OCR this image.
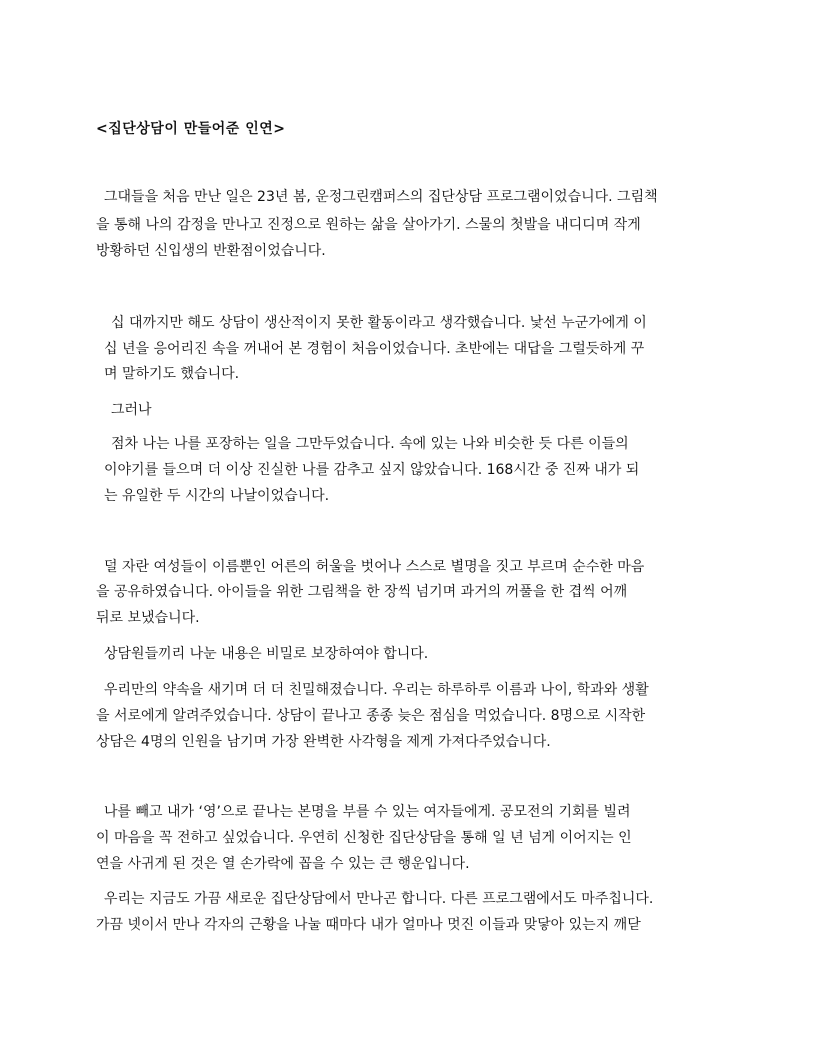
<집단상담이 만들어준 인연>
그대들을 처음 만난 일은 23년 봄, 운정그린캠퍼스의 집단상담 프로그램이었습니다. 그림책
을 통해 나의 감정을 만나고 진정으로 원하는 삶을 살아가기. 스물의 첫발을 내디디며 작게
방황하던 신입생의 반환점이었습니다.
십 대까지만 해도 상담이 생산적이지 못한 활동이라고 생각했습니다. 낯선 누군가에게 이
십 년을 응어리진 속을 꺼내어 본 경험이 처음이었습니다. 초반에는 대답을 그럴듯하게 꾸
며 말하기도 했습니다.
그러나
점차 나는 나를 포장하는 일을 그만두었습니다. 속에 있는 나와 비슷한 듯 다른 이들의
이야기를 들으며 더 이상 진실한 나를 감추고 싶지 않았습니다. 168시간 중 진짜 내가 되
는 유일한 두 시간의 나날이었습니다.
덜 자란 여성들이 이름뿐인 어른의 허울을 벗어나 스스로 별명을 짓고 부르며 순수한 마음
을 공유하였습니다. 아이들을 위한 그림책을 한 장씩 넘기며 과거의 꺼풀을 한 겹씩 어깨
뒤로 보냈습니다.
상담원들끼리 나눈 내용은 비밀로 보장하여야 합니다.
우리만의 약속을 새기며 더 더 친밀해졌습니다. 우리는 하루하루 이름과 나이, 학과와 생활
을 서로에게 알려주었습니다. 상담이 끝나고 종종 늦은 점심을 먹었습니다. 8명으로 시작한
상담은 4명의 인원을 남기며 가장 완벽한 사각형을 제게 가져다주었습니다.
나를 빼고 내가 ‘영’으로 끝나는 본명을 부를 수 있는 여자들에게. 공모전의 기회를 빌려
이 마음을 꼭 전하고 싶었습니다. 우연히 신청한 집단상담을 통해 일 년 넘게 이어지는 인
연을 사귀게 된 것은 열 손가락에 꼽을 수 있는 큰 행운입니다.
우리는 지금도 가끔 새로운 집단상담에서 만나곤 합니다. 다른 프로그램에서도 마주칩니다.
가끔 넷이서 만나 각자의 근황을 나눌 때마다 내가 얼마나 멋진 이들과 맞닿아 있는지 깨닫
